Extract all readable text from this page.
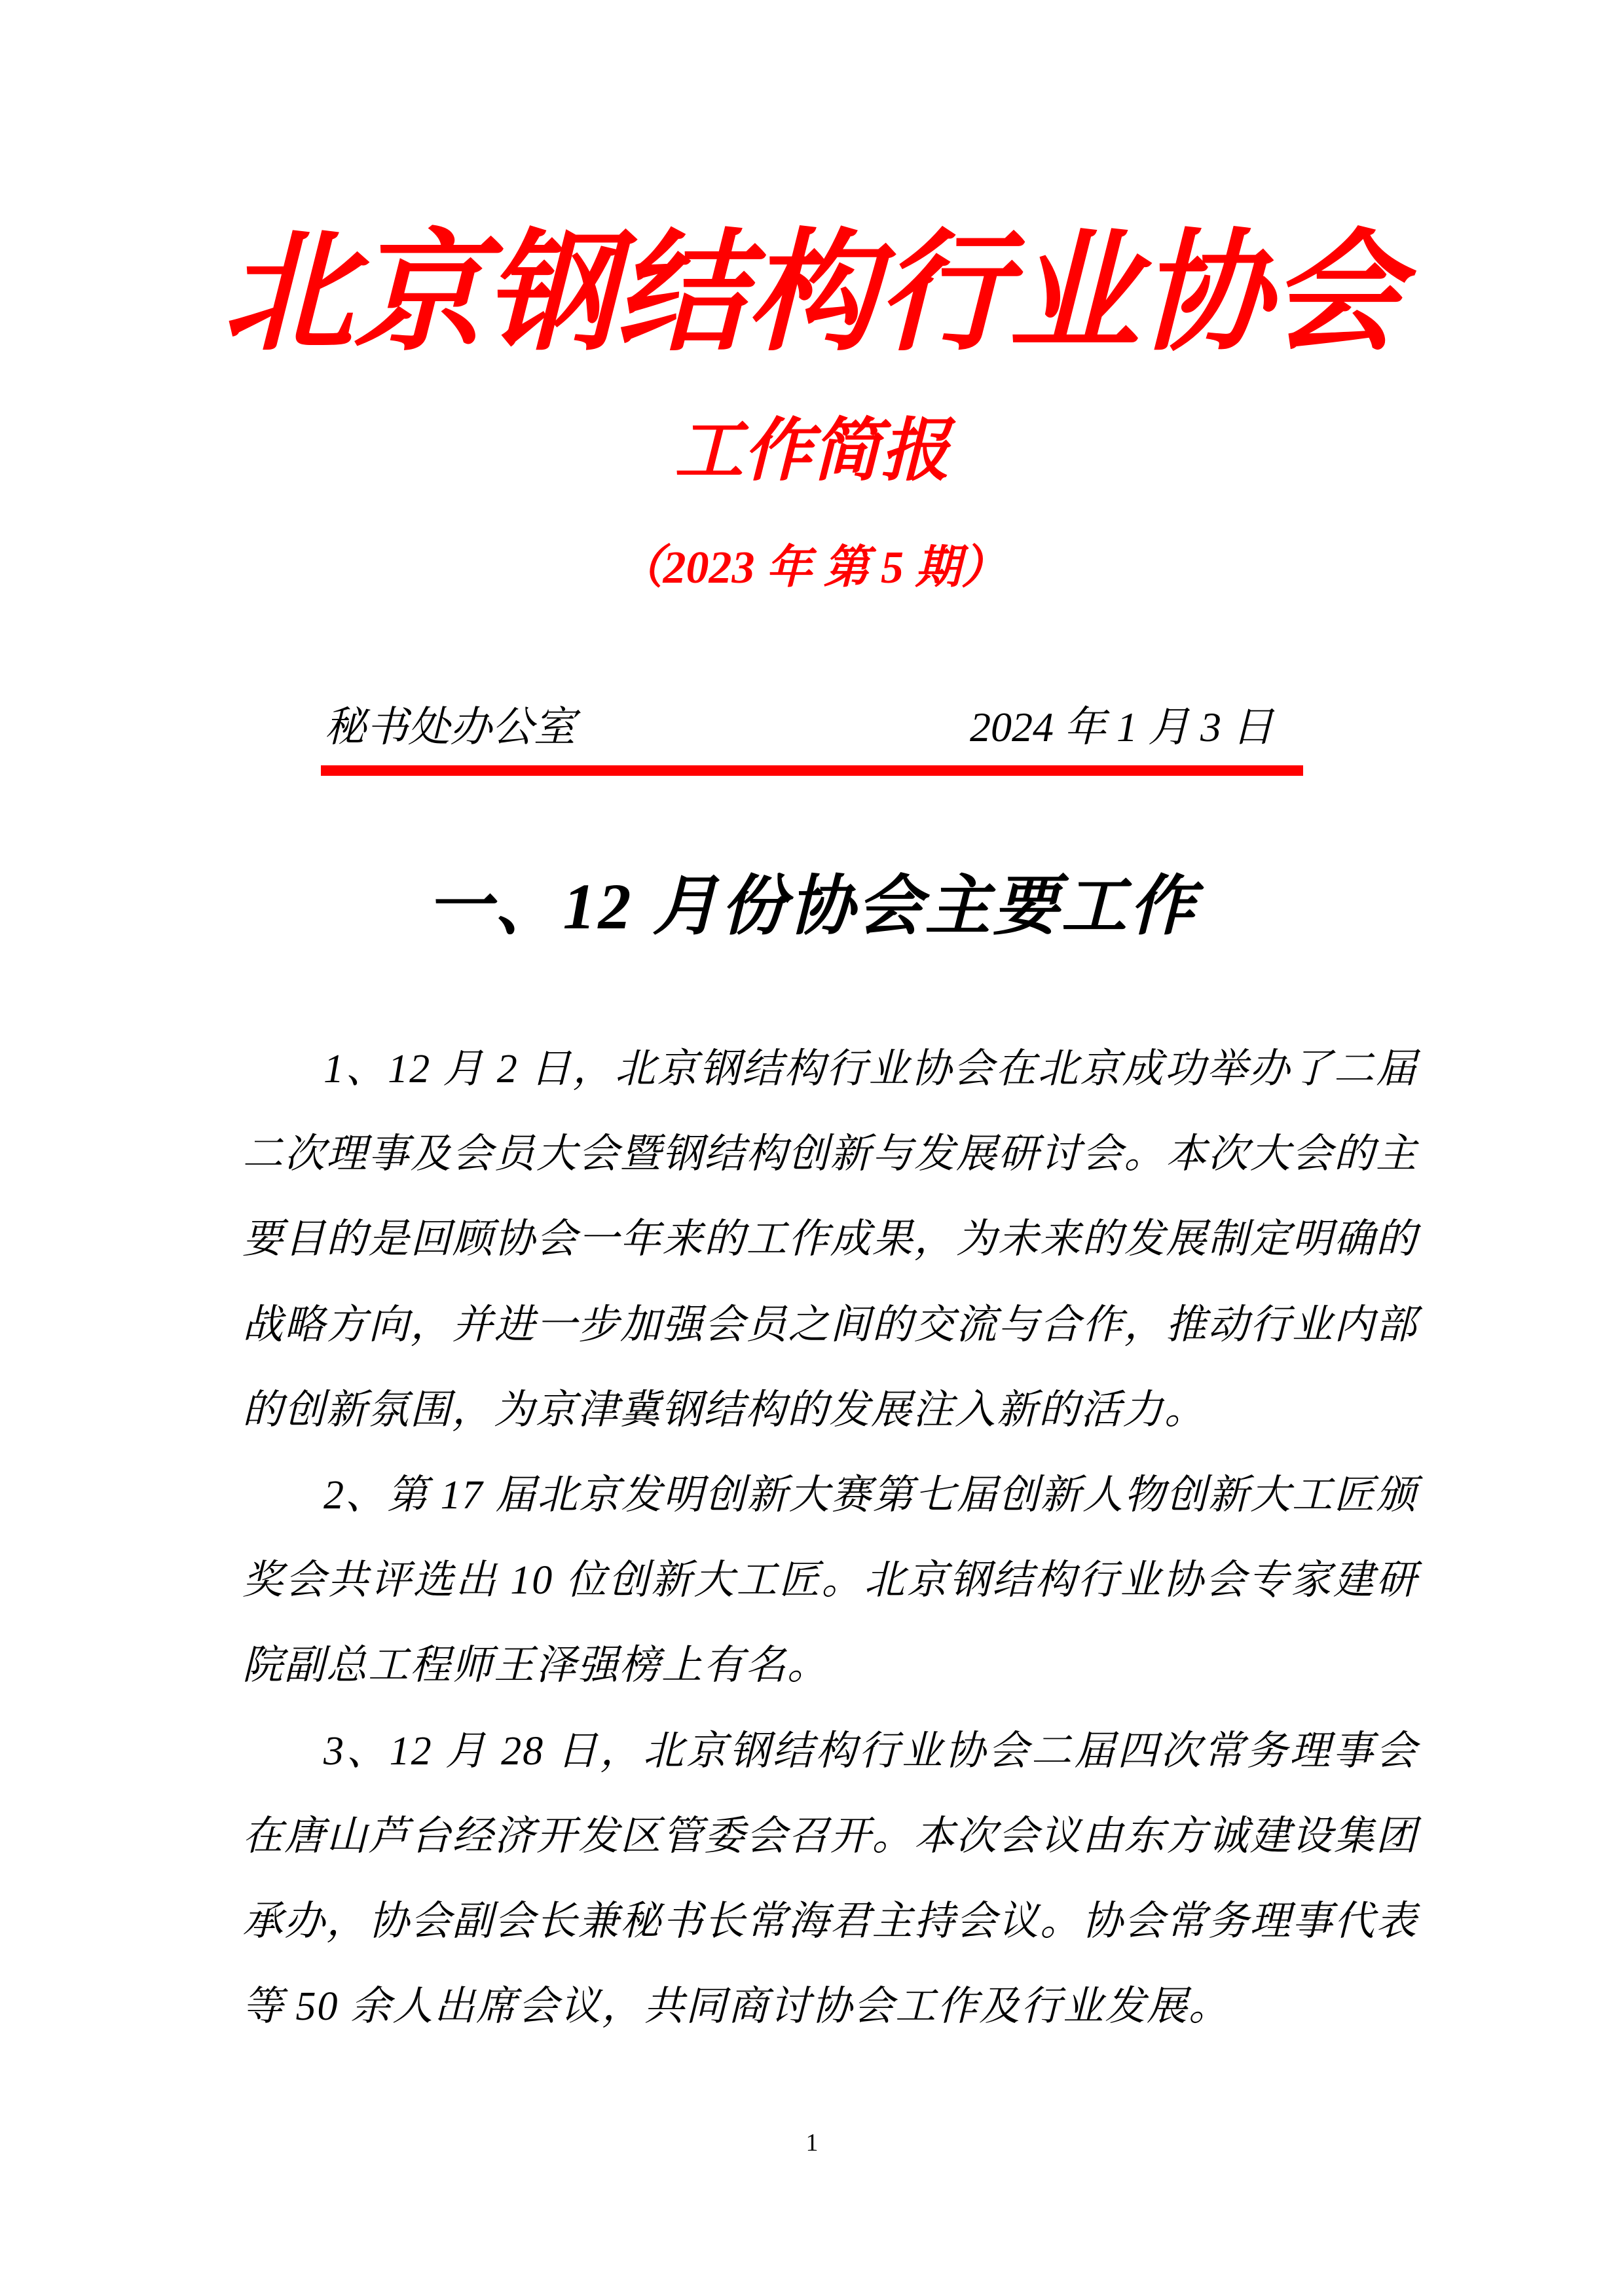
北京钢结构行业协会
工作简报
（2023 年 第 5 期）
秘书处办公室	2024 年 1 月 3 日
一、12 月份协会主要工作

1、12 月 2 日，北京钢结构行业协会在北京成功举办了二届二次理事及会员大会暨钢结构创新与发展研讨会。本次大会的主要目的是回顾协会一年来的工作成果，为未来的发展制定明确的战略方向，并进一步加强会员之间的交流与合作，推动行业内部的创新氛围，为京津冀钢结构的发展注入新的活力。

2、第 17 届北京发明创新大赛第七届创新人物创新大工匠颁奖会共评选出 10 位创新大工匠。北京钢结构行业协会专家建研院副总工程师王泽强榜上有名。

3、12 月 28 日，北京钢结构行业协会二届四次常务理事会在唐山芦台经济开发区管委会召开。本次会议由东方诚建设集团承办，协会副会长兼秘书长常海君主持会议。协会常务理事代表等 50 余人出席会议，共同商讨协会工作及行业发展。

1
